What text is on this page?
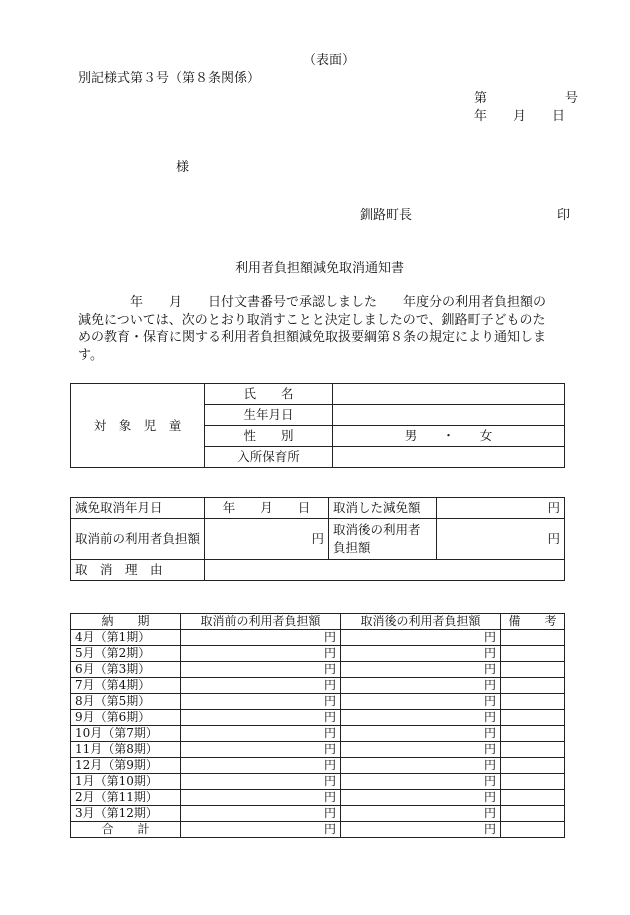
（表面）
別記様式第３号（第８条関係）
第　　　　　　号
年　　月　　日
様
釧路町長	印
利用者負担額減免取消通知書
　　　　年　　月　　日付文書番号で承認しました　　年度分の利用者負担額の減免については、次のとおり取消すことと決定しましたので、釧路町子どものための教育・保育に関する利用者負担額減免取扱要綱第８条の規定により通知します。
対　象　児　童	氏　　名	
	生年月日	
	性　　別	男　　・　　女
	入所保育所	
減免取消年月日	年　　月　　日	取消した減免額	円
取消前の利用者負担額	円	取消後の利用者負担額	円
取　消　理　由			
納　　期	取消前の利用者負担額	取消後の利用者負担額	備　　考
4月（第1期）	円	円	
5月（第2期）	円	円	
6月（第3期）	円	円	
7月（第4期）	円	円	
8月（第5期）	円	円	
9月（第6期）	円	円	
10月（第7期）	円	円	
11月（第8期）	円	円	
12月（第9期）	円	円	
1月（第10期）	円	円	
2月（第11期）	円	円	
3月（第12期）	円	円	
合　　計	円	円	
